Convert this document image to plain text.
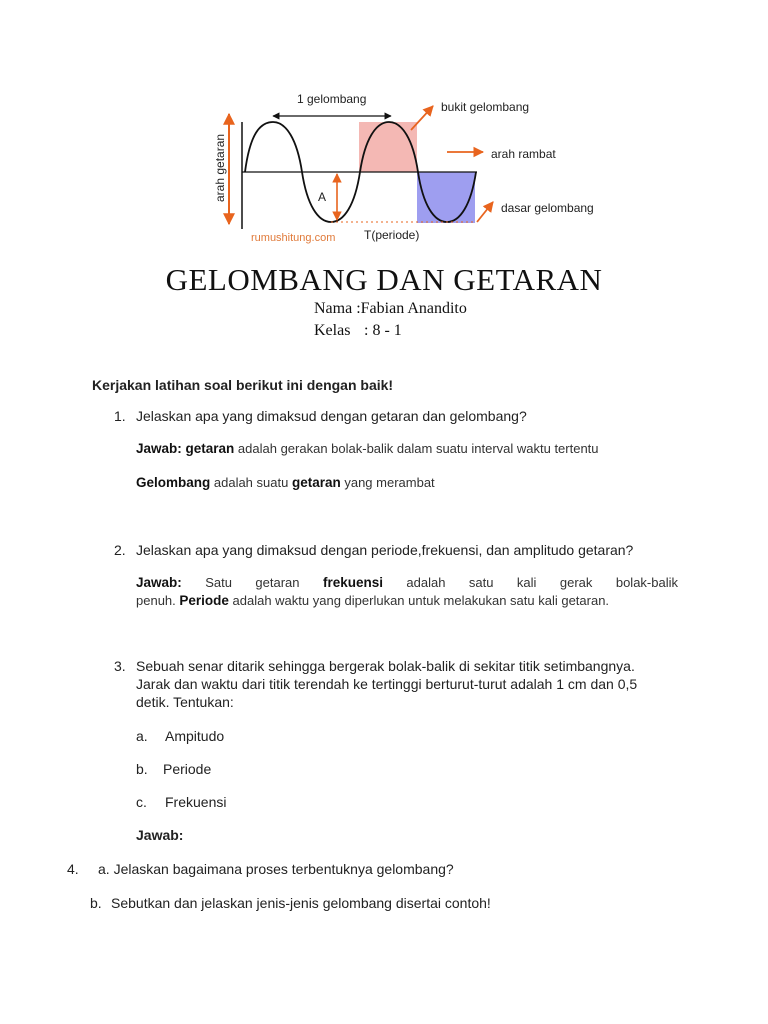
arah getaran
1 gelombang
A
bukit gelombang
arah rambat
dasar gelombang
rumushitung.com T(periode)
GELOMBANG DAN GETARAN
Nama :Fabian Anandito
Kelas : 8 - 1
Kerjakan latihan soal berikut ini dengan baik!
1. Jelaskan apa yang dimaksud dengan getaran dan gelombang?
Jawab: getaran adalah gerakan bolak-balik dalam suatu interval waktu tertentu
Gelombang adalah suatu getaran yang merambat
2. Jelaskan apa yang dimaksud dengan periode,frekuensi, dan amplitudo getaran?
Jawab: Satu getaran frekuensi adalah satu kali gerak bolak-balik
penuh. Periode adalah waktu yang diperlukan untuk melakukan satu kali getaran.
3. Sebuah senar ditarik sehingga bergerak bolak-balik di sekitar titik setimbangnya.
Jarak dan waktu dari titik terendah ke tertinggi berturut-turut adalah 1 cm dan 0,5
detik. Tentukan:
a. Ampitudo
b. Periode
c. Frekuensi
Jawab:
4. a. Jelaskan bagaimana proses terbentuknya gelombang?
b. Sebutkan dan jelaskan jenis-jenis gelombang disertai contoh!
